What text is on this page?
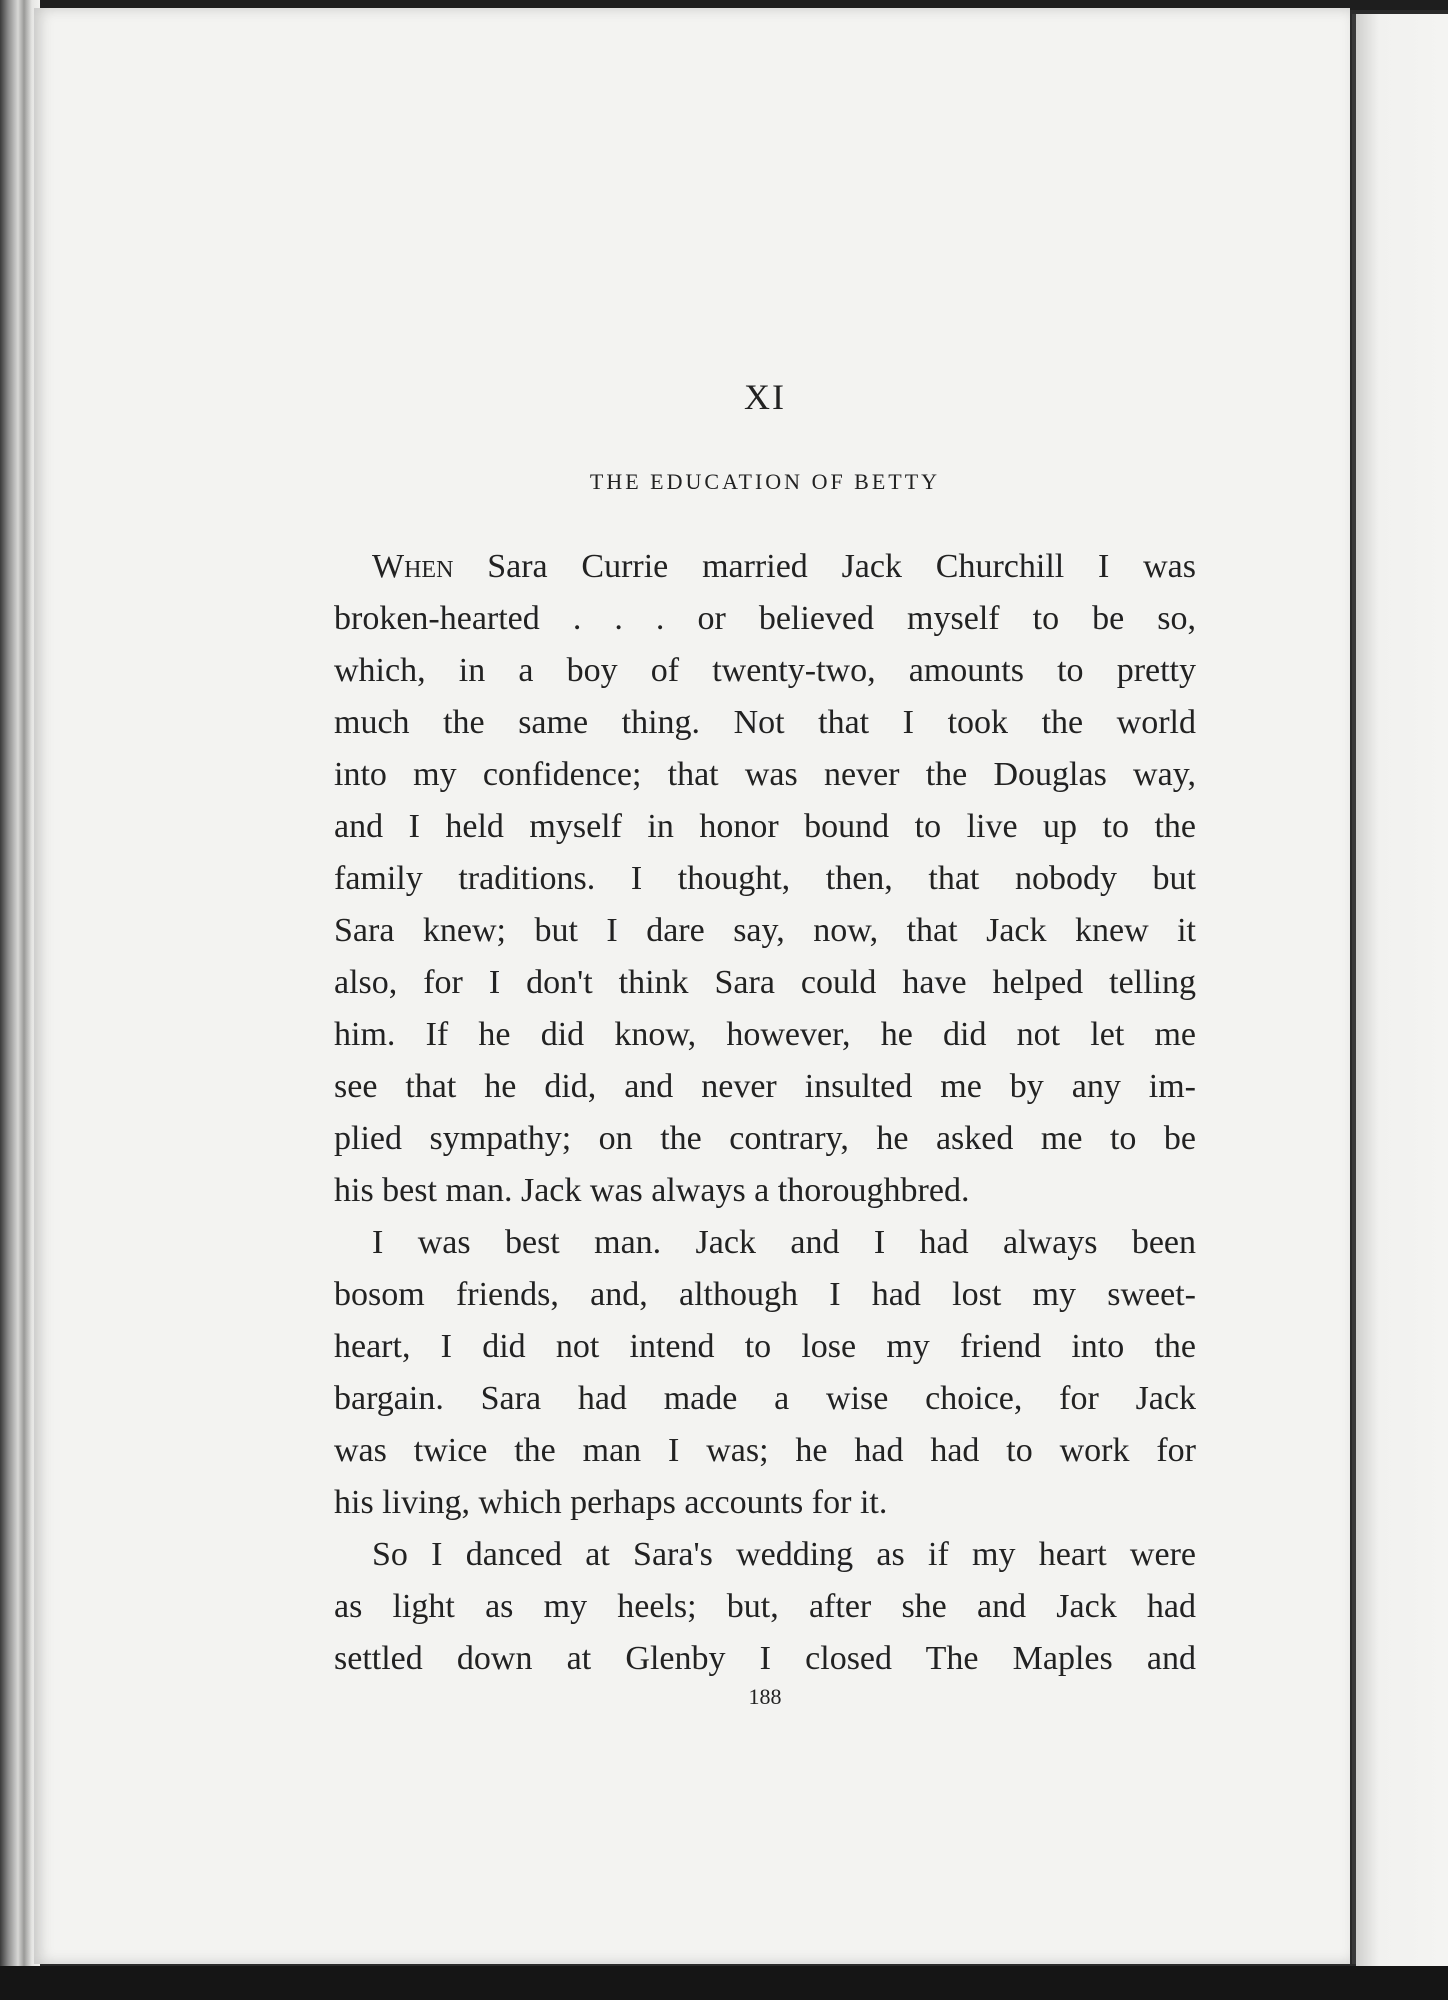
XI
THE EDUCATION OF BETTY
When Sara Currie married Jack Churchill I was
broken-hearted . . . or believed myself to be so,
which, in a boy of twenty-two, amounts to pretty
much the same thing. Not that I took the world
into my confidence; that was never the Douglas way,
and I held myself in honor bound to live up to the
family traditions. I thought, then, that nobody but
Sara knew; but I dare say, now, that Jack knew it
also, for I don't think Sara could have helped telling
him. If he did know, however, he did not let me
see that he did, and never insulted me by any im-
plied sympathy; on the contrary, he asked me to be
his best man. Jack was always a thoroughbred.
I was best man. Jack and I had always been
bosom friends, and, although I had lost my sweet-
heart, I did not intend to lose my friend into the
bargain. Sara had made a wise choice, for Jack
was twice the man I was; he had had to work for
his living, which perhaps accounts for it.
So I danced at Sara's wedding as if my heart were
as light as my heels; but, after she and Jack had
settled down at Glenby I closed The Maples and
188
